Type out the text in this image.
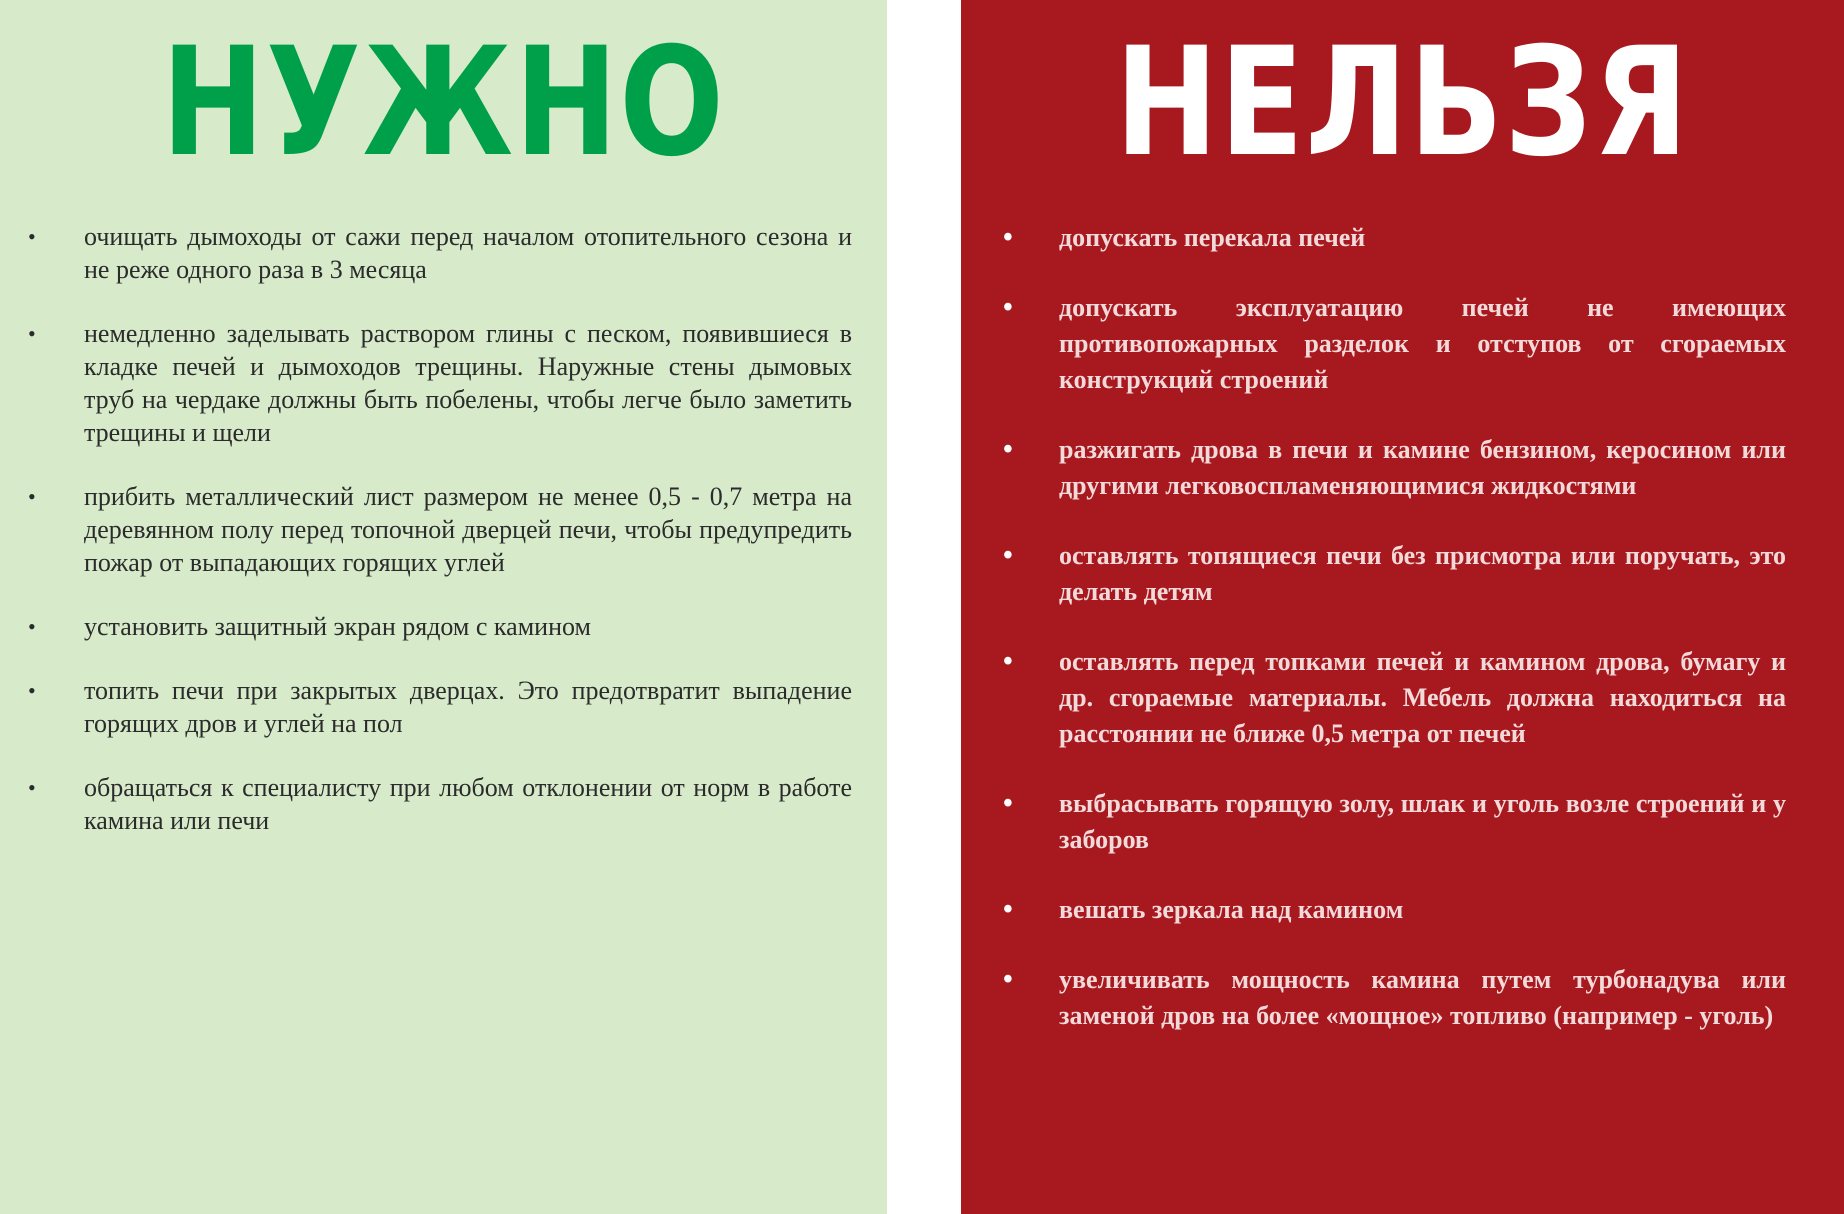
НУЖНО
•	очищать дымоходы от сажи перед началом отопительного сезона и не реже одного раза в 3 месяца
•	немедленно заделывать раствором глины с песком, появившиеся в кладке печей и дымоходов трещины. Наружные стены дымовых труб на чердаке должны быть побелены, чтобы легче было заметить трещины и щели
•	прибить металлический лист размером не менее 0,5 - 0,7 метра на деревянном полу перед топочной дверцей печи, чтобы предупредить пожар от выпадающих горящих углей
•	установить защитный экран рядом с камином
•	топить печи при закрытых дверцах. Это предотвратит выпадение горящих дров и углей на пол
•	обращаться к специалисту при любом отклонении от норм в работе камина или печи
НЕЛЬЗЯ
•	допускать перекала печей
•	допускать эксплуатацию печей не имеющих противопожарных разделок и отступов от сгораемых конструкций строений
•	разжигать дрова в печи и камине бензином, керосином или другими легковоспламеняющимися жидкостями
•	оставлять топящиеся печи без присмотра или поручать, это делать детям
•	оставлять перед топками печей и камином дрова, бумагу и др. сгораемые материалы. Мебель должна находиться на расстоянии не ближе 0,5 метра от печей
•	выбрасывать горящую золу, шлак и уголь возле строений и у заборов
•	вешать зеркала над камином
•	увеличивать мощность камина путем турбонадува или заменой дров на более «мощное» топливо (например - уголь)
